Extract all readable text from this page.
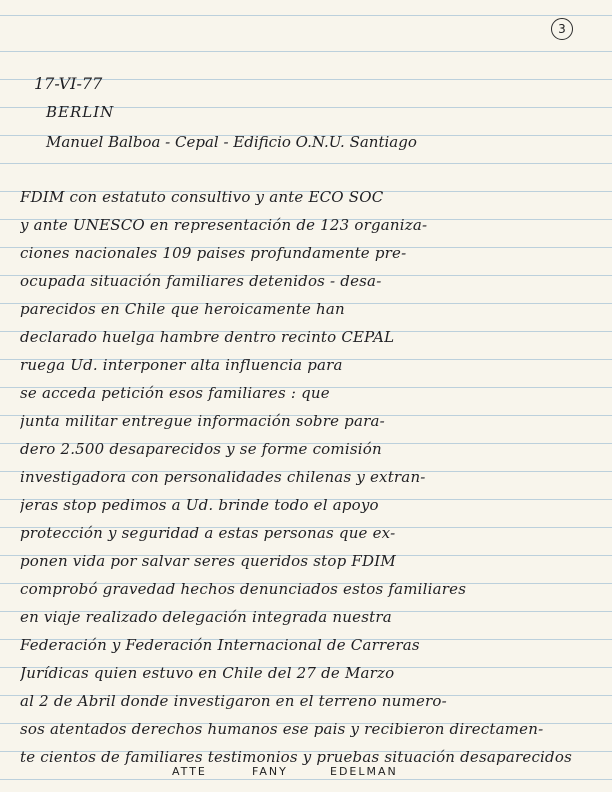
3
17-VI-77
BERLIN
Manuel Balboa - Cepal - Edificio O.N.U. Santiago
FDIM con estatuto consultivo y ante ECO SOC
y ante UNESCO en representación de 123 organiza-
ciones nacionales 109 paises profundamente pre-
ocupada situación familiares detenidos - desa-
parecidos en Chile que heroicamente han
declarado huelga hambre dentro recinto CEPAL
ruega Ud. interponer alta influencia para
se acceda petición esos familiares : que
junta militar entregue información sobre para-
dero 2.500 desaparecidos y se forme comisión
investigadora con personalidades chilenas y extran-
jeras stop pedimos a Ud. brinde todo el apoyo
protección y seguridad a estas personas que ex-
ponen vida por salvar seres queridos stop FDIM
comprobó gravedad hechos denunciados estos familiares
en viaje realizado delegación integrada nuestra
Federación y Federación Internacional de Carreras
Jurídicas quien estuvo en Chile del 27 de Marzo
al 2 de Abril donde investigaron en el terreno numero-
sos atentados derechos humanos ese pais y recibieron directamen-
te cientos de familiares testimonios y pruebas situación desaparecidos
ATTE	FANY	EDELMAN
